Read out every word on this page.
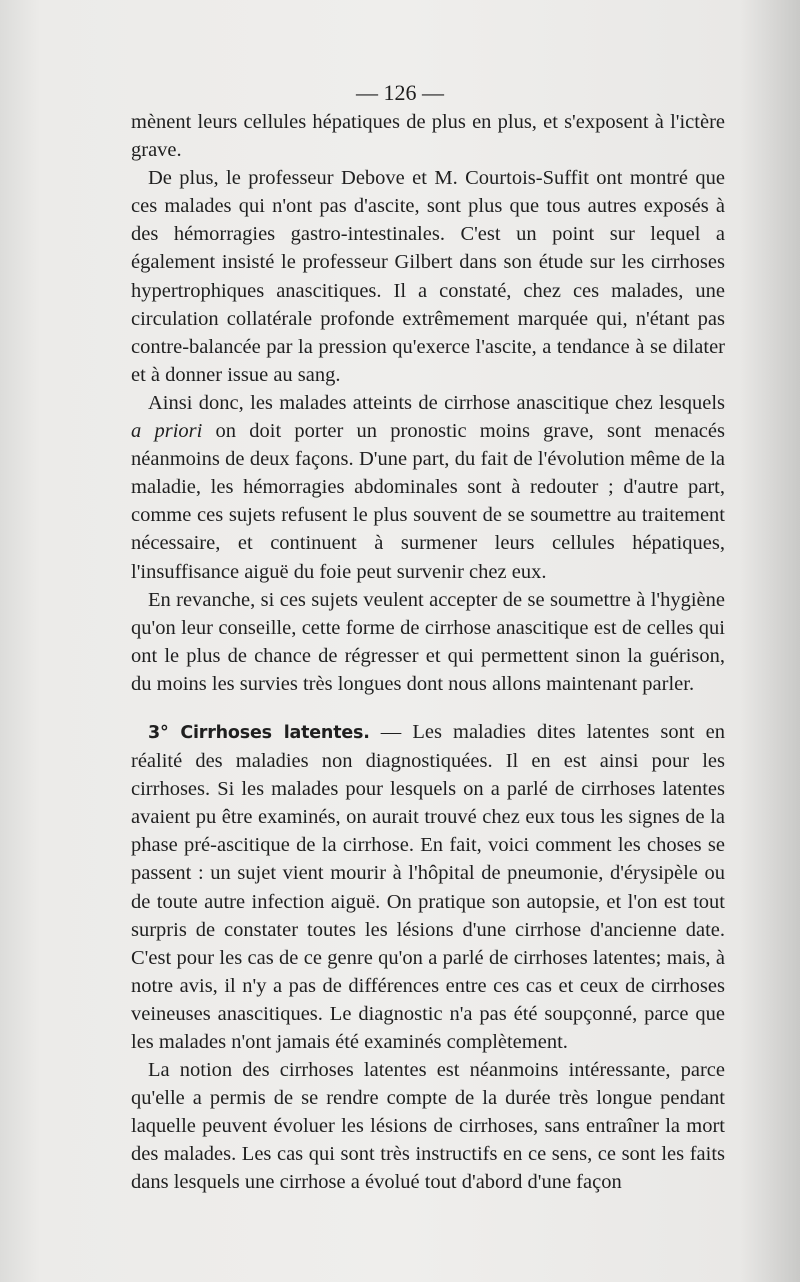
— 126 —

mènent leurs cellules hépatiques de plus en plus, et s'exposent à l'ictère grave.

De plus, le professeur Debove et M. Courtois-Suffit ont montré que ces malades qui n'ont pas d'ascite, sont plus que tous autres exposés à des hémorragies gastro-intestinales. C'est un point sur lequel a également insisté le professeur Gilbert dans son étude sur les cirrhoses hypertrophiques anascitiques. Il a constaté, chez ces malades, une circulation collatérale profonde extrêmement marquée qui, n'étant pas contre-balancée par la pression qu'exerce l'ascite, a tendance à se dilater et à donner issue au sang.

Ainsi donc, les malades atteints de cirrhose anascitique chez lesquels a priori on doit porter un pronostic moins grave, sont menacés néanmoins de deux façons. D'une part, du fait de l'évolution même de la maladie, les hémorragies abdominales sont à redouter ; d'autre part, comme ces sujets refusent le plus souvent de se soumettre au traitement nécessaire, et continuent à surmener leurs cellules hépatiques, l'insuffisance aiguë du foie peut survenir chez eux.

En revanche, si ces sujets veulent accepter de se soumettre à l'hygiène qu'on leur conseille, cette forme de cirrhose anascitique est de celles qui ont le plus de chance de régresser et qui permettent sinon la guérison, du moins les survies très longues dont nous allons maintenant parler.

3° Cirrhoses latentes. — Les maladies dites latentes sont en réalité des maladies non diagnostiquées. Il en est ainsi pour les cirrhoses. Si les malades pour lesquels on a parlé de cirrhoses latentes avaient pu être examinés, on aurait trouvé chez eux tous les signes de la phase pré-ascitique de la cirrhose. En fait, voici comment les choses se passent : un sujet vient mourir à l'hôpital de pneumonie, d'érysipèle ou de toute autre infection aiguë. On pratique son autopsie, et l'on est tout surpris de constater toutes les lésions d'une cirrhose d'ancienne date. C'est pour les cas de ce genre qu'on a parlé de cirrhoses latentes; mais, à notre avis, il n'y a pas de différences entre ces cas et ceux de cirrhoses veineuses anascitiques. Le diagnostic n'a pas été soupçonné, parce que les malades n'ont jamais été examinés complètement.

La notion des cirrhoses latentes est néanmoins intéressante, parce qu'elle a permis de se rendre compte de la durée très longue pendant laquelle peuvent évoluer les lésions de cirrhoses, sans entraîner la mort des malades. Les cas qui sont très instructifs en ce sens, ce sont les faits dans lesquels une cirrhose a évolué tout d'abord d'une façon
